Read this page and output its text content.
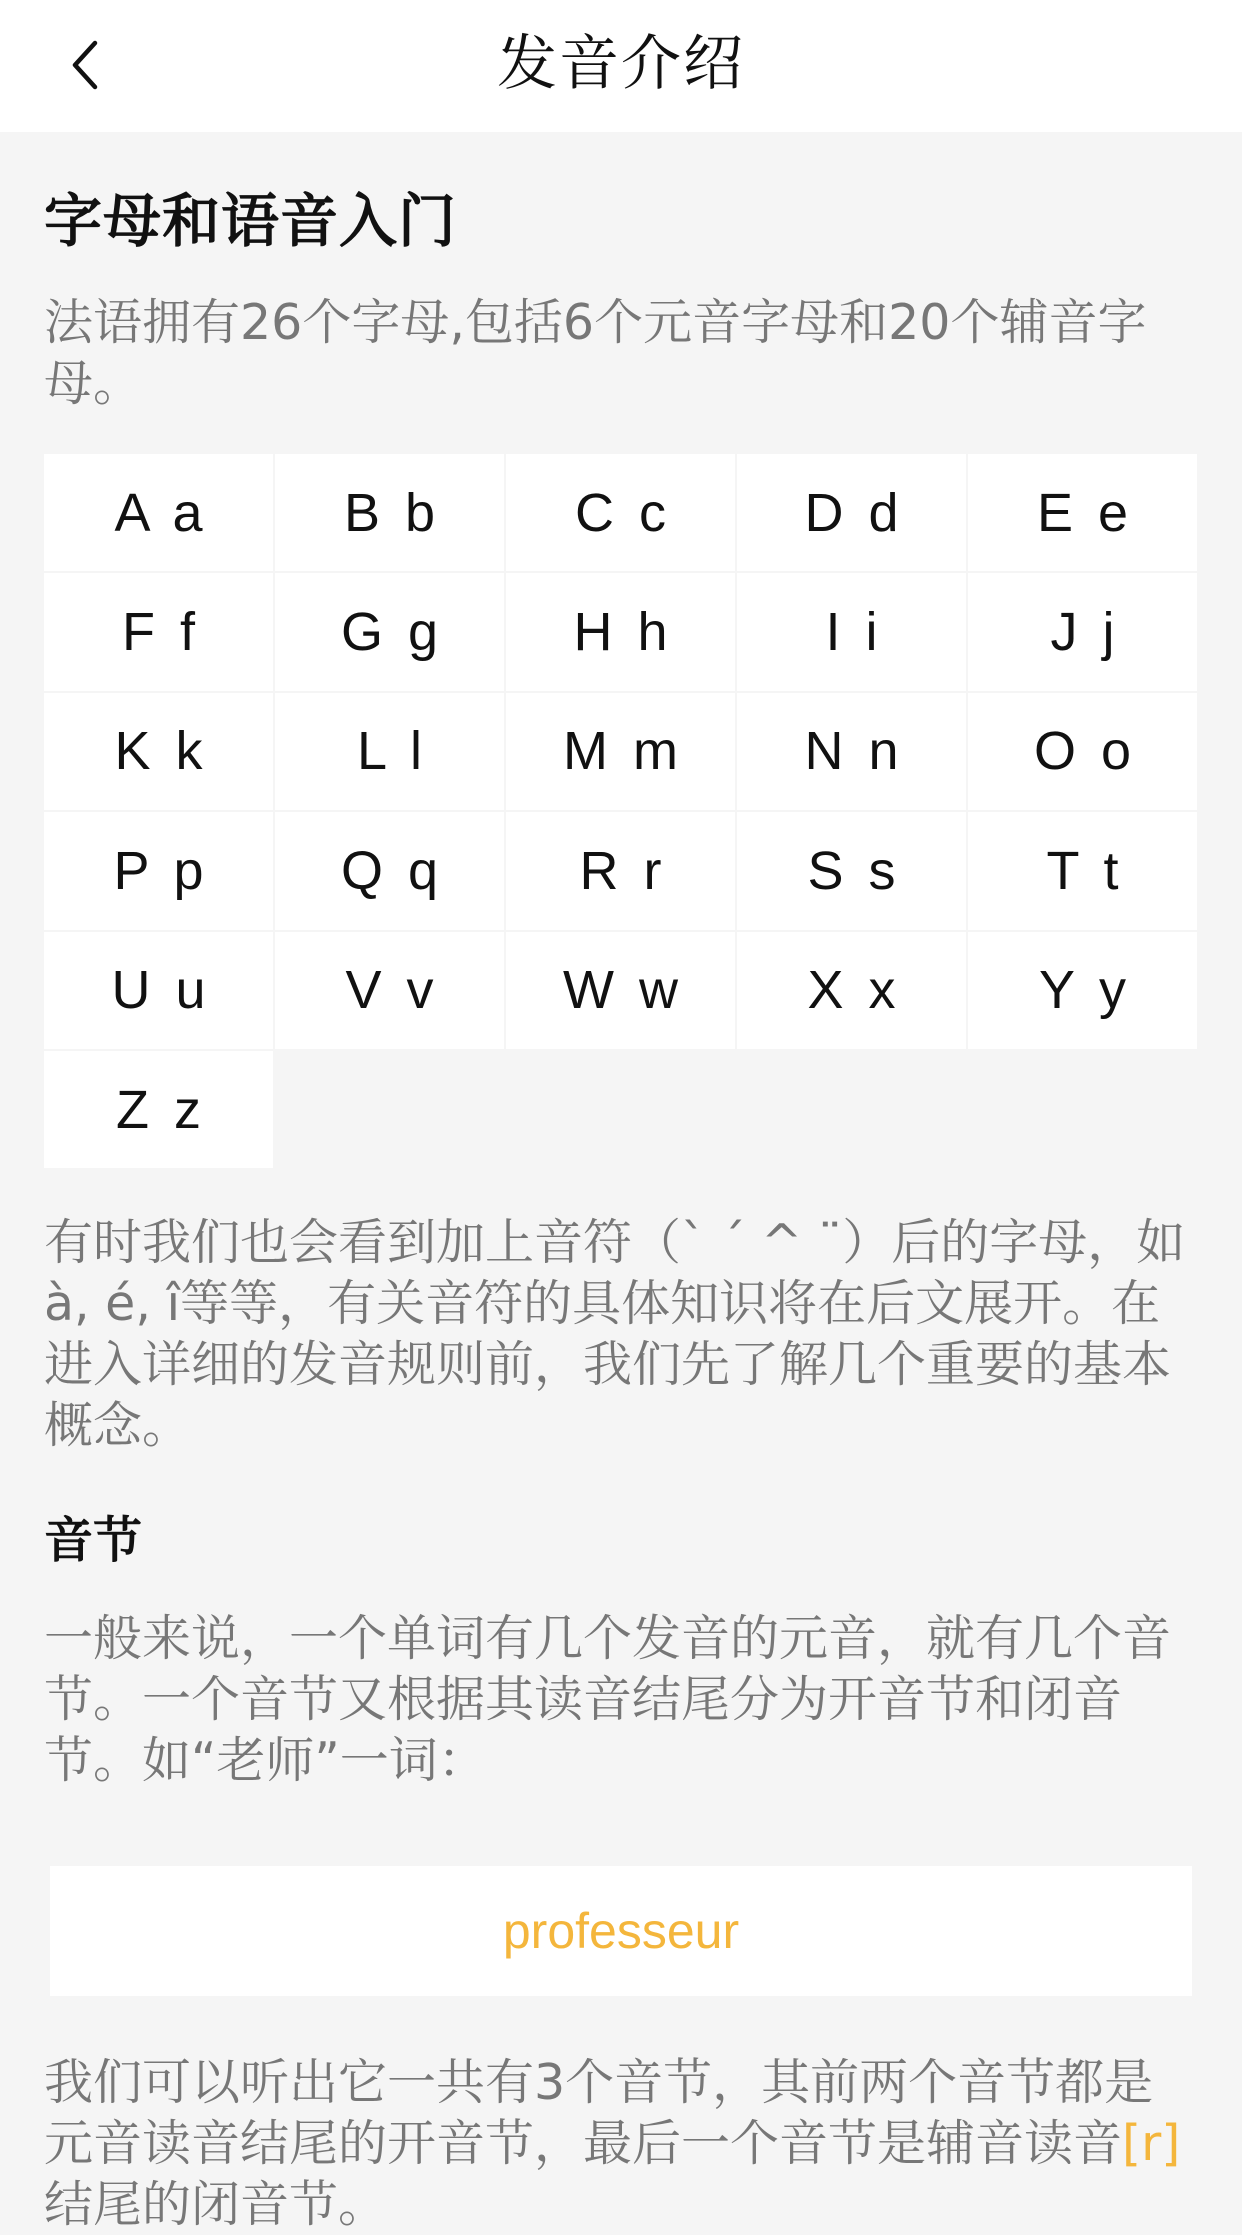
发音介绍
字母和语音入门
法语拥有26个字母,包括6个元音字母和20个辅音字母。
A a	B b	C c	D d	E e
F f	G g	H h	I i	J j
K k	L l	M m	N n	O o
P p	Q q	R r	S s	T t
U u	V v	W w	X x	Y y
Z z
有时我们也会看到加上音符（` ´ ^ ¨）后的字母，如à, é, î等等，有关音符的具体知识将在后文展开。在进入详细的发音规则前，我们先了解几个重要的基本概念。
音节
一般来说，一个单词有几个发音的元音，就有几个音节。一个音节又根据其读音结尾分为开音节和闭音节。如“老师”一词：
professeur
我们可以听出它一共有3个音节，其前两个音节都是元音读音结尾的开音节，最后一个音节是辅音读音[r]结尾的闭音节。
